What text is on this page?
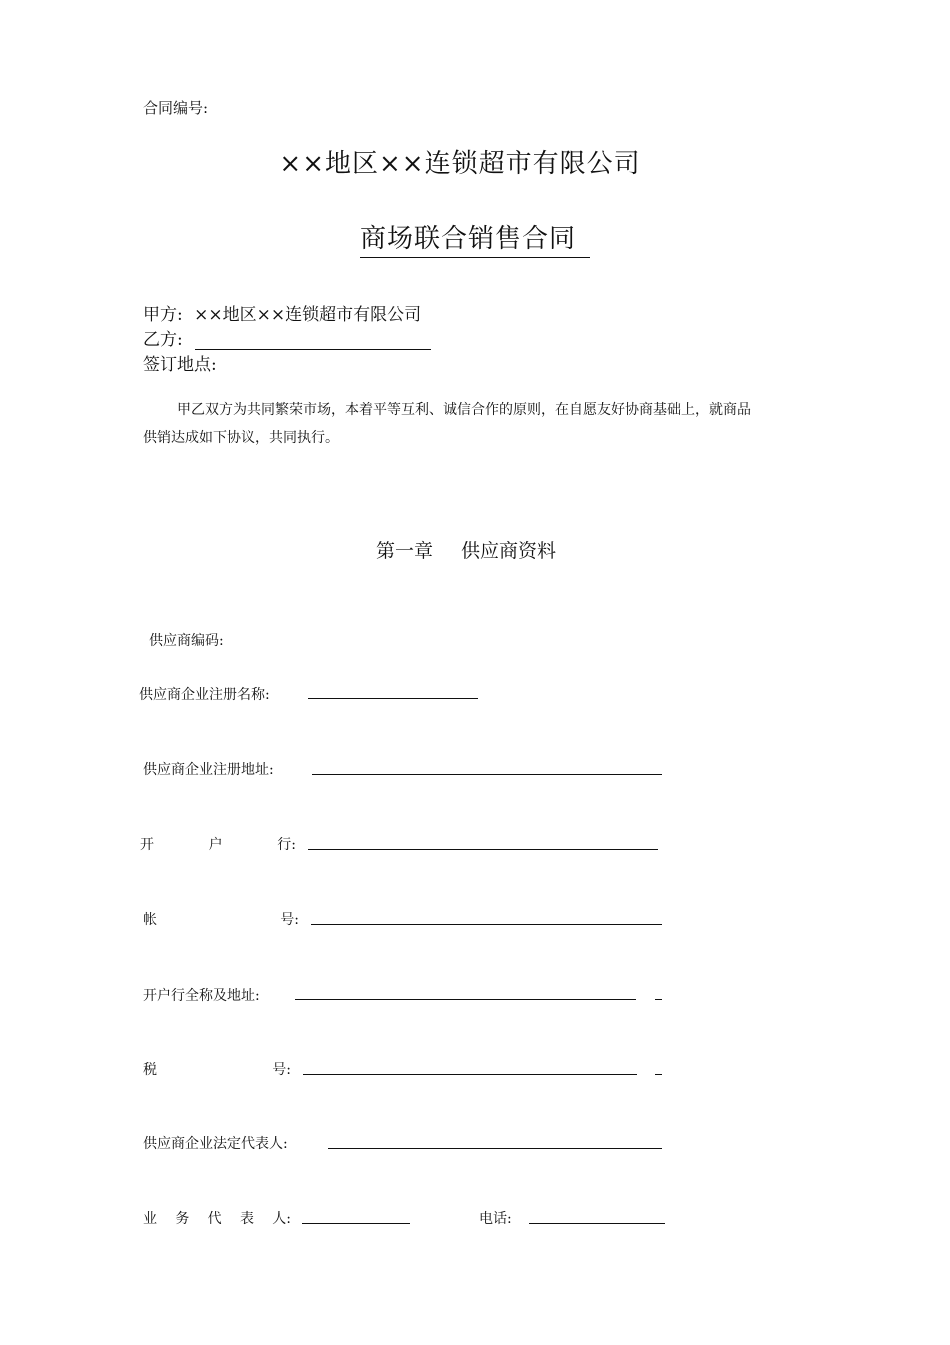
合同编号:
××地区××连锁超市有限公司
商场联合销售合同
甲方: ××地区××连锁超市有限公司
乙方:
签订地点:
甲乙双方为共同繁荣市场，本着平等互利、诚信合作的原则，在自愿友好协商基础上，就商品供销达成如下协议，共同执行。
第一章 供应商资料
供应商编码:
供应商企业注册名称:
供应商企业注册地址:
开	户	行:
帐	号:
开户行全称及地址:
税	号:
供应商企业法定代表人:
业 务 代 表 人:	电话:
